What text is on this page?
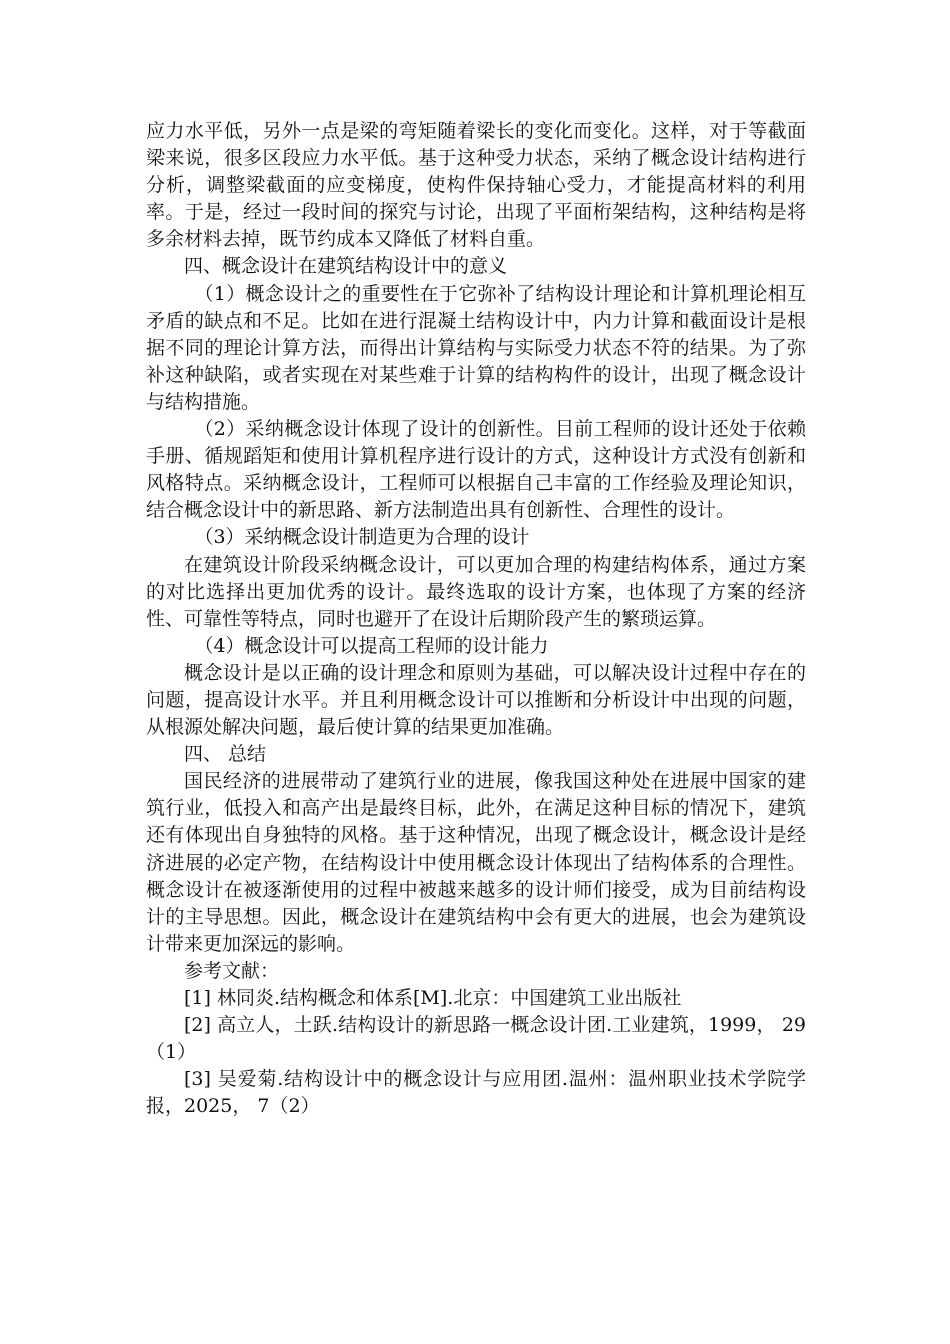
应力水平低，另外一点是梁的弯矩随着梁长的变化而变化。这样，对于等截面梁来说，很多区段应力水平低。基于这种受力状态，采纳了概念设计结构进行分析，调整梁截面的应变梯度，使构件保持轴心受力，才能提高材料的利用率。于是，经过一段时间的探究与讨论，出现了平面桁架结构，这种结构是将多余材料去掉，既节约成本又降低了材料自重。

四、概念设计在建筑结构设计中的意义

（1）概念设计之的重要性在于它弥补了结构设计理论和计算机理论相互矛盾的缺点和不足。比如在进行混凝土结构设计中，内力计算和截面设计是根据不同的理论计算方法，而得出计算结构与实际受力状态不符的结果。为了弥补这种缺陷，或者实现在对某些难于计算的结构构件的设计，出现了概念设计与结构措施。

（2）采纳概念设计体现了设计的创新性。目前工程师的设计还处于依赖手册、循规蹈矩和使用计算机程序进行设计的方式，这种设计方式没有创新和风格特点。采纳概念设计，工程师可以根据自己丰富的工作经验及理论知识，结合概念设计中的新思路、新方法制造出具有创新性、合理性的设计。

（3）采纳概念设计制造更为合理的设计

在建筑设计阶段采纳概念设计，可以更加合理的构建结构体系，通过方案的对比选择出更加优秀的设计。最终选取的设计方案，也体现了方案的经济性、可靠性等特点，同时也避开了在设计后期阶段产生的繁琐运算。

（4）概念设计可以提高工程师的设计能力

概念设计是以正确的设计理念和原则为基础，可以解决设计过程中存在的问题，提高设计水平。并且利用概念设计可以推断和分析设计中出现的问题，从根源处解决问题，最后使计算的结果更加准确。

四、 总结

国民经济的进展带动了建筑行业的进展，像我国这种处在进展中国家的建筑行业，低投入和高产出是最终目标，此外，在满足这种目标的情况下，建筑还有体现出自身独特的风格。基于这种情况，出现了概念设计，概念设计是经济进展的必定产物，在结构设计中使用概念设计体现出了结构体系的合理性。概念设计在被逐渐使用的过程中被越来越多的设计师们接受，成为目前结构设计的主导思想。因此，概念设计在建筑结构中会有更大的进展，也会为建筑设计带来更加深远的影响。

参考文献：

[1] 林同炎.结构概念和体系[M].北京：中国建筑工业出版社

[2] 高立人，土跃.结构设计的新思路一概念设计团.工业建筑，1999， 29（1）

[3] 吴爱菊.结构设计中的概念设计与应用团.温州：温州职业技术学院学报，2025， 7（2）
